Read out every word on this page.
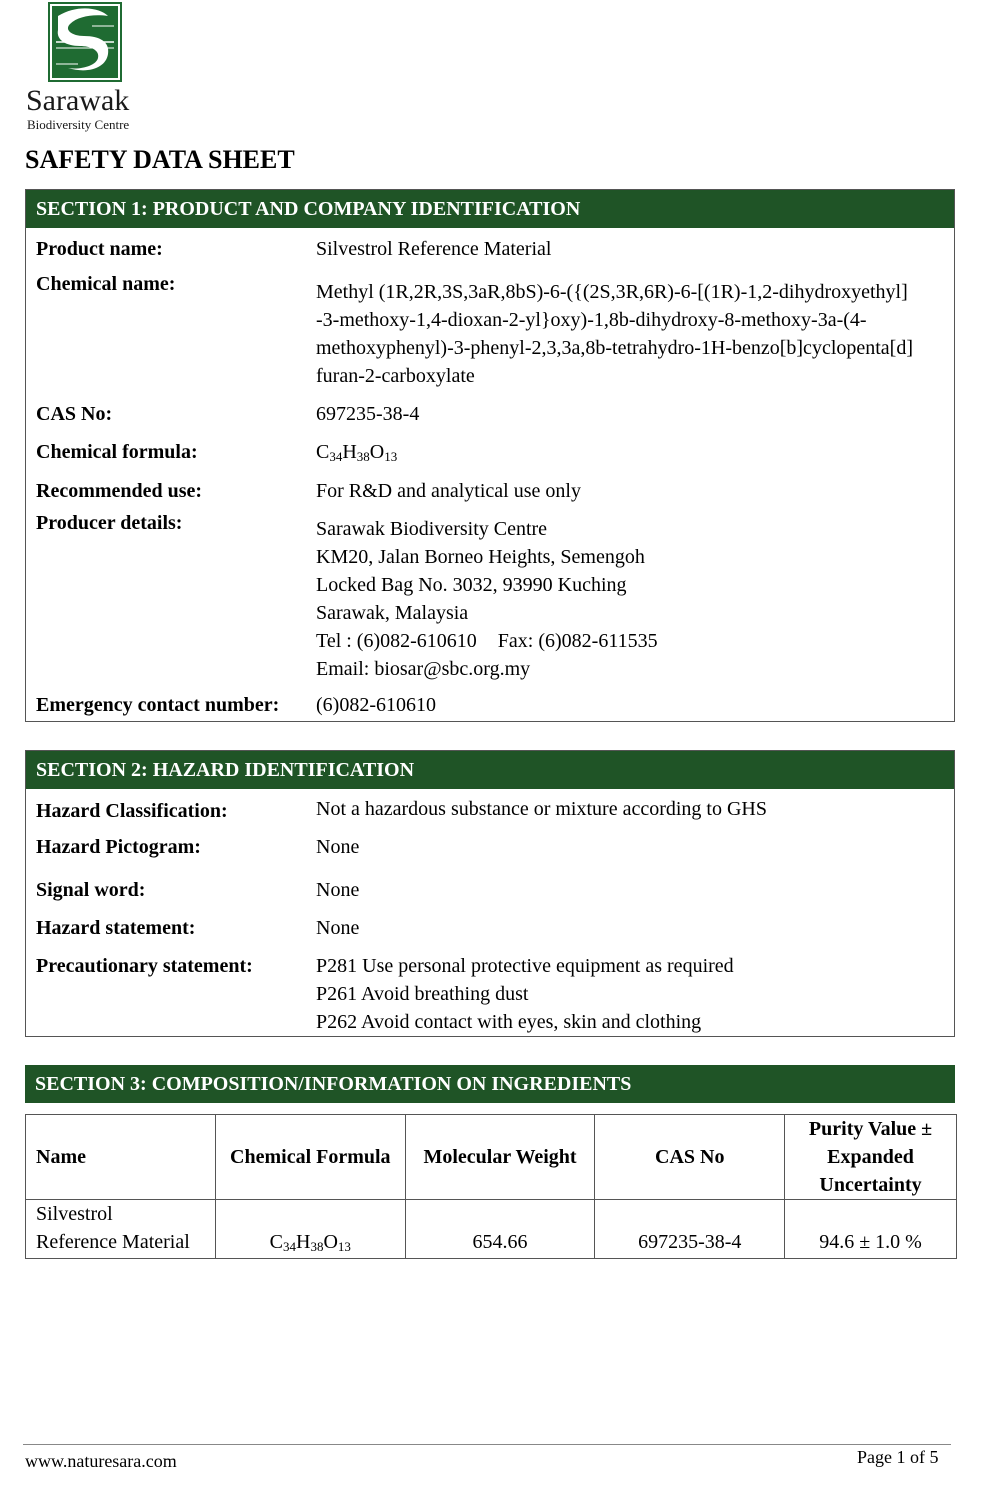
Sarawak
Biodiversity Centre
SAFETY DATA SHEET
SECTION 1: PRODUCT AND COMPANY IDENTIFICATION
Product name:	Silvestrol Reference Material
Chemical name:	Methyl (1R,2R,3S,3aR,8bS)-6-({(2S,3R,6R)-6-[(1R)-1,2-dihydroxyethyl]
-3-methoxy-1,4-dioxan-2-yl}oxy)-1,8b-dihydroxy-8-methoxy-3a-(4-
methoxyphenyl)-3-phenyl-2,3,3a,8b-tetrahydro-1H-benzo[b]cyclopenta[d]
furan-2-carboxylate
CAS No:	697235-38-4
Chemical formula:	$C_{34}H_{38}O_{13}$
Recommended use:	For R&D and analytical use only
Producer details:	Sarawak Biodiversity Centre
KM20, Jalan Borneo Heights, Semengoh
Locked Bag No. 3032, 93990 Kuching
Sarawak, Malaysia
Tel : (6)082-610610 Fax: (6)082-611535
Email: biosar@sbc.org.my
Emergency contact number: (6)082-610610
SECTION 2: HAZARD IDENTIFICATION
Hazard Classification:	Not a hazardous substance or mixture according to GHS
Hazard Pictogram:	None
Signal word:	None
Hazard statement:	None
Precautionary statement:	P281 Use personal protective equipment as required
P261 Avoid breathing dust
P262 Avoid contact with eyes, skin and clothing
SECTION 3: COMPOSITION/INFORMATION ON INGREDIENTS
Name	Chemical Formula	Molecular Weight	CAS No	Purity Value ±
Expanded
Uncertainty

Silvestrol
Reference Material	$C_{34}H_{38}O_{13}$	654.66	697235-38-4	94.6 ± 1.0 %
www.naturesara.com	Page 1 of 5
